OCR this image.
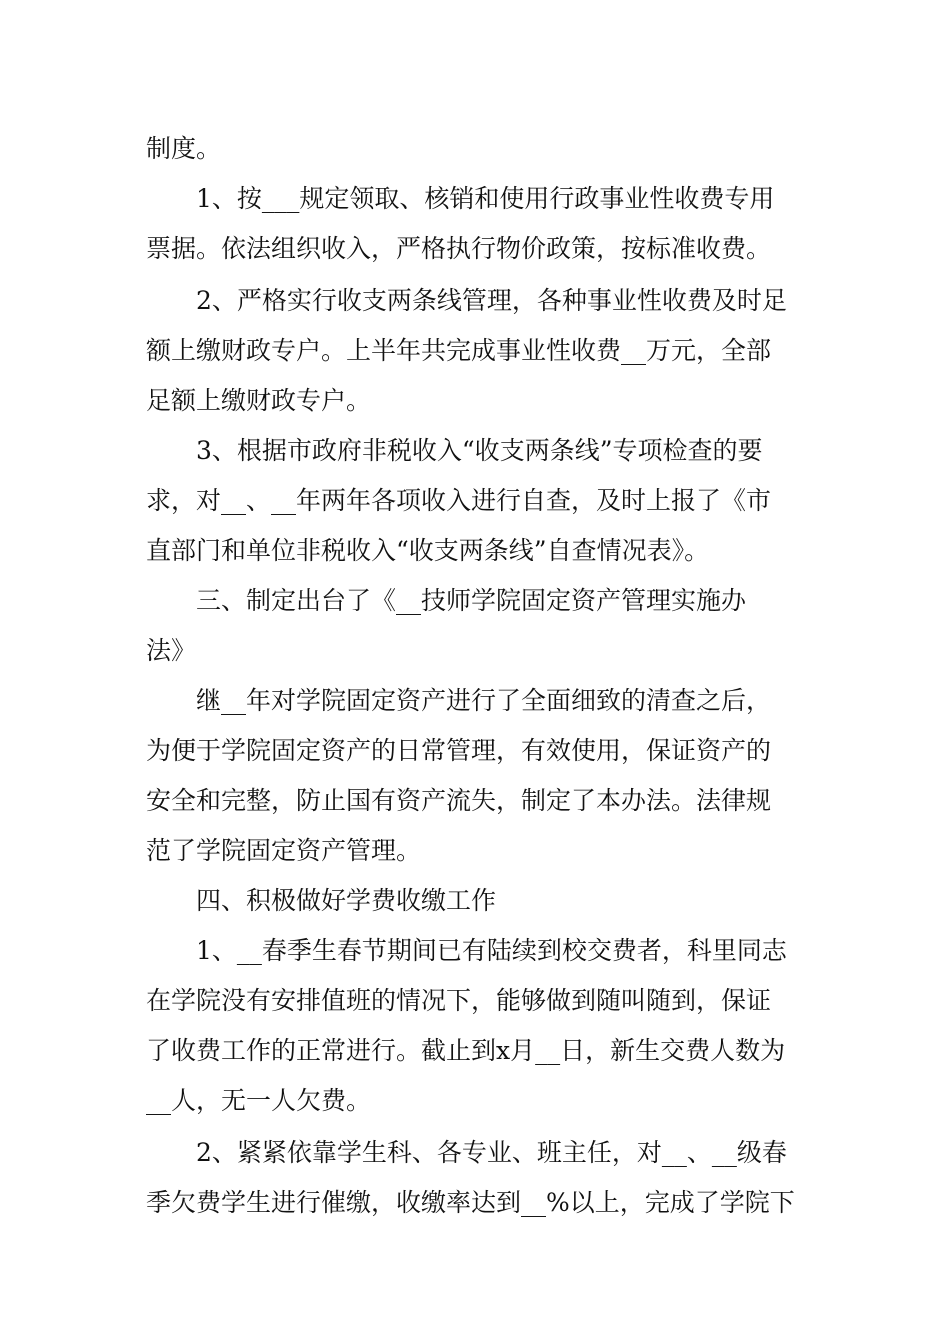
制度。
1、按___规定领取、核销和使用行政事业性收费专用
票据。依法组织收入，严格执行物价政策，按标准收费。
2、严格实行收支两条线管理，各种事业性收费及时足
额上缴财政专户。上半年共完成事业性收费__万元，全部
足额上缴财政专户。
3、根据市政府非税收入“收支两条线”专项检查的要
求，对__、__年两年各项收入进行自查，及时上报了《市
直部门和单位非税收入“收支两条线”自查情况表》。
三、制定出台了《__技师学院固定资产管理实施办
法》
继__年对学院固定资产进行了全面细致的清查之后，
为便于学院固定资产的日常管理，有效使用，保证资产的
安全和完整，防止国有资产流失，制定了本办法。法律规
范了学院固定资产管理。
四、积极做好学费收缴工作
1、__春季生春节期间已有陆续到校交费者，科里同志
在学院没有安排值班的情况下，能够做到随叫随到，保证
了收费工作的正常进行。截止到x月__日，新生交费人数为
__人，无一人欠费。
2、紧紧依靠学生科、各专业、班主任，对__、__级春
季欠费学生进行催缴，收缴率达到__%以上，完成了学院下
